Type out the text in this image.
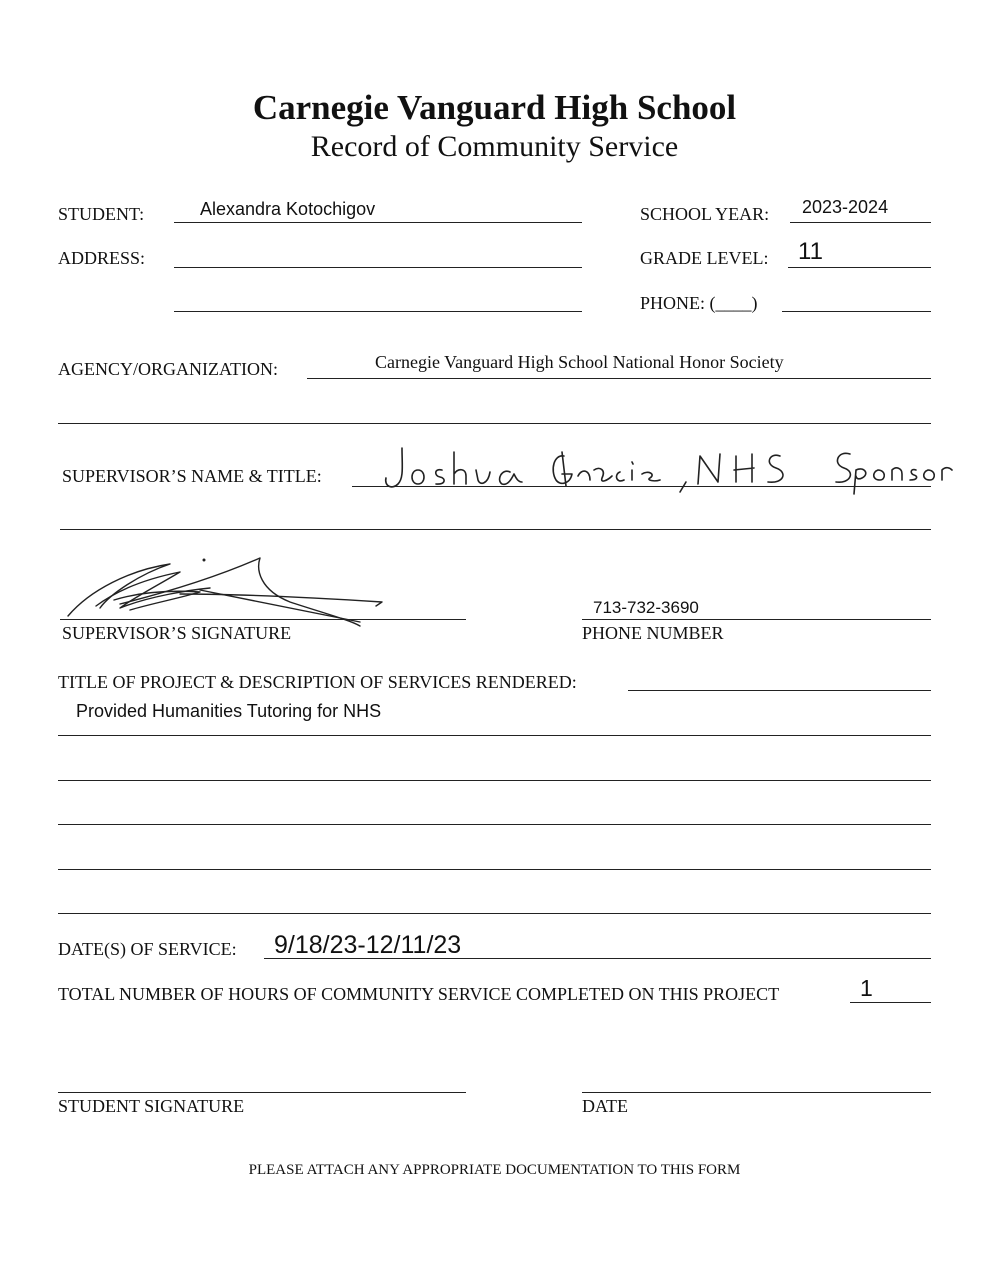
Carnegie Vanguard High School
Record of Community Service
STUDENT:	Alexandra Kotochigov	SCHOOL YEAR: 2023-2024
ADDRESS:	GRADE LEVEL: 11
PHONE: (____)
AGENCY/ORGANIZATION:	Carnegie Vanguard High School National Honor Society
SUPERVISOR’S NAME & TITLE:
SUPERVISOR’S SIGNATURE
713-732-3690
PHONE NUMBER
TITLE OF PROJECT & DESCRIPTION OF SERVICES RENDERED:
Provided Humanities Tutoring for NHS
DATE(S) OF SERVICE: 9/18/23-12/11/23
TOTAL NUMBER OF HOURS OF COMMUNITY SERVICE COMPLETED ON THIS PROJECT	1
STUDENT SIGNATURE	DATE
PLEASE ATTACH ANY APPROPRIATE DOCUMENTATION TO THIS FORM
